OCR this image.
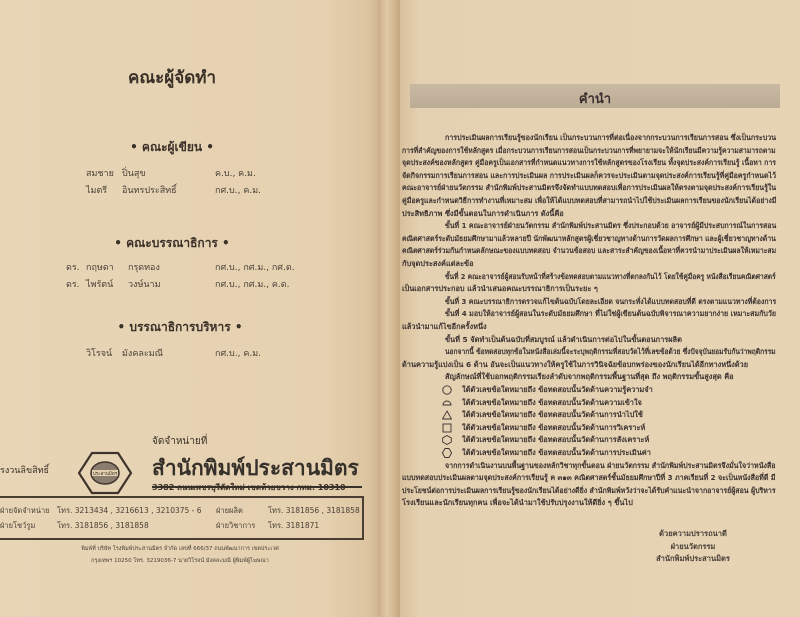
คณะผู้จัดทำ
• คณะผู้เขียน •
สมชาย ปิ่นสุข	ค.บ., ค.ม.
ไมตรี อินทรประสิทธิ์	กศ.บ., ค.ม.
• คณะบรรณาธิการ •
ดร. กฤษดา กรุดทอง	กศ.บ., กศ.ม., กศ.ด.
ดร. ไพรัตน์ วงษ์นาม	กศ.บ., กศ.ม., ค.ด.
• บรรณาธิการบริหาร •
วิโรจน์ มังคละมณี	กศ.บ., ค.ม.
รงวนลิขสิทธิ์
จัดจำหน่ายที่
ประสานมิตร สำนักพิมพ์ประสานมิตร
3382 ถนนเพชรบุรีตัดใหม่ เขตห้วยขวาง กทม. 10310
ฝ่ายจัดจำหน่าย โทร. 3213434 , 3216613 , 3210375 - 6 ฝ่ายผลิต	โทร. 3181856 , 3181858
ฝ่ายโชว์รูม	โทร. 3181856 , 3181858	ฝ่ายวิชาการ โทร. 3181871
พิมพ์ที่ บริษัท โรงพิมพ์ประสานมิตร จำกัด เลขที่ 666/37 ถนนพัฒนาการ เขตประเวศ
กรุงเทพฯ 10250 โทร. 3219036-7 นายวิโรจน์ มังคละมณี ผู้พิมพ์ผู้โฆษณา
คำนำ
การประเมินผลการเรียนรู้ของนักเรียน เป็นกระบวนการที่ต่อเนื่องจากกระบวนการเรียนการสอน ซึ่งเป็นกระบวน
การที่สำคัญของการใช้หลักสูตร เมื่อกระบวนการเรียนการสอนเป็นกระบวนการที่พยายามจะให้นักเรียนมีความรู้ความสามารถตาม
จุดประสงค์ของหลักสูตร คู่มือครูเป็นเอกสารที่กำหนดแนวทางการใช้หลักสูตรของโรงเรียน ทั้งจุดประสงค์การเรียนรู้ เนื้อหา การ
จัดกิจกรรมการเรียนการสอน และการประเมินผล การประเมินผลก็ควรจะประเมินตามจุดประสงค์การเรียนรู้ที่คู่มือครูกำหนดไว้
คณะอาจารย์ฝ่ายนวัตกรรม สำนักพิมพ์ประสานมิตรจึงจัดทำแบบทดสอบเพื่อการประเมินผลให้ตรงตามจุดประสงค์การเรียนรู้ใน
คู่มือครูและกำหนดวิธีการทำงานที่เหมาะสม เพื่อให้ได้แบบทดสอบที่สามารถนำไปใช้ประเมินผลการเรียนของนักเรียนได้อย่างมี
ประสิทธิภาพ ซึ่งมีขั้นตอนในการดำเนินการ ดังนี้คือ
ขั้นที่ 1 คณะอาจารย์ฝ่ายนวัตกรรม สำนักพิมพ์ประสานมิตร ซึ่งประกอบด้วย อาจารย์ผู้มีประสบการณ์ในการสอน
คณิตศาสตร์ระดับมัธยมศึกษามาแล้วหลายปี นักพัฒนาหลักสูตรผู้เชี่ยวชาญทางด้านการวัดผลการศึกษา และผู้เชี่ยวชาญทางด้าน
คณิตศาสตร์ร่วมกันกำหนดลักษณะของแบบทดสอบ จำนวนข้อสอบ และสาระสำคัญของเนื้อหาที่ควรนำมาประเมินผลให้เหมาะสม
กับจุดประสงค์แต่ละข้อ
ขั้นที่ 2 คณะอาจารย์ผู้สอนรับหน้าที่สร้างข้อทดสอบตามแนวทางที่ตกลงกันไว้ โดยใช้คู่มือครู หนังสือเรียนคณิตศาสตร์
เป็นเอกสารประกอบ แล้วนำเสนอคณะบรรณาธิการเป็นระยะ ๆ
ขั้นที่ 3 คณะบรรณาธิการตรวจแก้ไขต้นฉบับโดยละเอียด จนกระทั่งได้แบบทดสอบที่ดี ตรงตามแนวทางที่ต้องการ
ขั้นที่ 4 มอบให้อาจารย์ผู้สอนในระดับมัธยมศึกษา ที่ไม่ใช่ผู้เขียนต้นฉบับพิจารณาความยากง่าย เหมาะสมกับวัย
แล้วนำมาแก้ไขอีกครั้งหนึ่ง
ขั้นที่ 5 จัดทำเป็นต้นฉบับที่สมบูรณ์ แล้วดำเนินการต่อไปในขั้นตอนการผลิต
นอกจากนี้ ข้อทดสอบทุกข้อในหนังสือเล่มนี้จะระบุพฤติกรรมที่สอบวัดไว้ที่เลขข้อด้วย ซึ่งปัจจุบันยอมรับกันว่าพฤติกรรม
ด้านความรู้แบ่งเป็น 6 ด้าน อันจะเป็นแนวทางให้ครูใช้ในการวินิจฉัยข้อบกพร่องของนักเรียนได้อีกทางหนึ่งด้วย
สัญลักษณ์ที่ใช้บอกพฤติกรรมเรียงลำดับจากพฤติกรรมพื้นฐานที่สุด ถึง พฤติกรรมขั้นสูงสุด คือ
ใต้ตัวเลขข้อใดหมายถึง ข้อทดสอบนั้นวัดด้านความรู้ความจำ
ใต้ตัวเลขข้อใดหมายถึง ข้อทดสอบนั้นวัดด้านความเข้าใจ
ใต้ตัวเลขข้อใดหมายถึง ข้อทดสอบนั้นวัดด้านการนำไปใช้
ใต้ตัวเลขข้อใดหมายถึง ข้อทดสอบนั้นวัดด้านการวิเคราะห์
ใต้ตัวเลขข้อใดหมายถึง ข้อทดสอบนั้นวัดด้านการสังเคราะห์
ใต้ตัวเลขข้อใดหมายถึง ข้อทดสอบนั้นวัดด้านการประเมินค่า
จากการดำเนินงานบนพื้นฐานของหลักวิชาทุกขั้นตอน ฝ่ายนวัตกรรม สำนักพิมพ์ประสานมิตรจึงมั่นใจว่าหนังสือ
แบบทดสอบประเมินผลตามจุดประสงค์การเรียนรู้ ค ๓๑๓ คณิตศาสตร์ชั้นมัธยมศึกษาปีที่ 3 ภาคเรียนที่ 2 จะเป็นหนังสือที่ดี มี
ประโยชน์ต่อการประเมินผลการเรียนรู้ของนักเรียนได้อย่างดียิ่ง สำนักพิมพ์หวังว่าจะได้รับคำแนะนำจากอาจารย์ผู้สอน ผู้บริหาร
โรงเรียนและนักเรียนทุกคน เพื่อจะได้นำมาใช้ปรับปรุงงานให้ดียิ่ง ๆ ขึ้นไป
ด้วยความปรารถนาดี
ฝ่ายนวัตกรรม
สำนักพิมพ์ประสานมิตร
